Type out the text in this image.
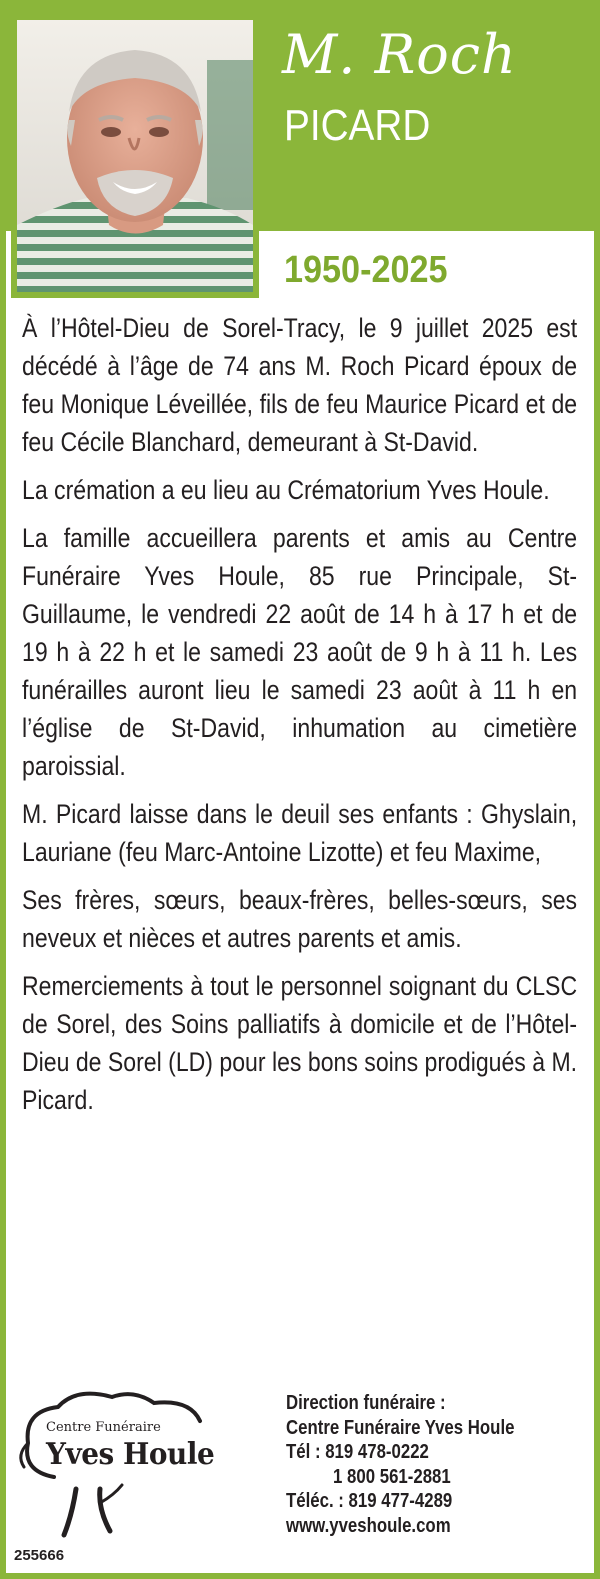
M. Roch
PICARD
1950-2025

À l’Hôtel-Dieu de Sorel-Tracy, le 9 juillet 2025 est décédé à l’âge de 74 ans M. Roch Picard époux de feu Monique Léveillée, fils de feu Maurice Picard et de feu Cécile Blanchard, demeurant à St-David.

La crémation a eu lieu au Crématorium Yves Houle.

La famille accueillera parents et amis au Centre Funéraire Yves Houle, 85 rue Principale, St-Guillaume, le vendredi 22 août de 14 h à 17 h et de 19 h à 22 h et le samedi 23 août de 9 h à 11 h. Les funérailles auront lieu le samedi 23 août à 11 h en l’église de St-David, inhumation au cimetière paroissial.

M. Picard laisse dans le deuil ses enfants : Ghyslain, Lauriane (feu Marc-Antoine Lizotte) et feu Maxime,

Ses frères, sœurs, beaux-frères, belles-sœurs, ses neveux et nièces et autres parents et amis.

Remerciements à tout le personnel soignant du CLSC de Sorel, des Soins palliatifs à domicile et de l’Hôtel-Dieu de Sorel (LD) pour les bons soins prodigués à M. Picard.

Centre Funéraire
Yves Houle
255666
Direction funéraire :
Centre Funéraire Yves Houle
Tél : 819 478-0222
1 800 561-2881
Téléc. : 819 477-4289
www.yveshoule.com
